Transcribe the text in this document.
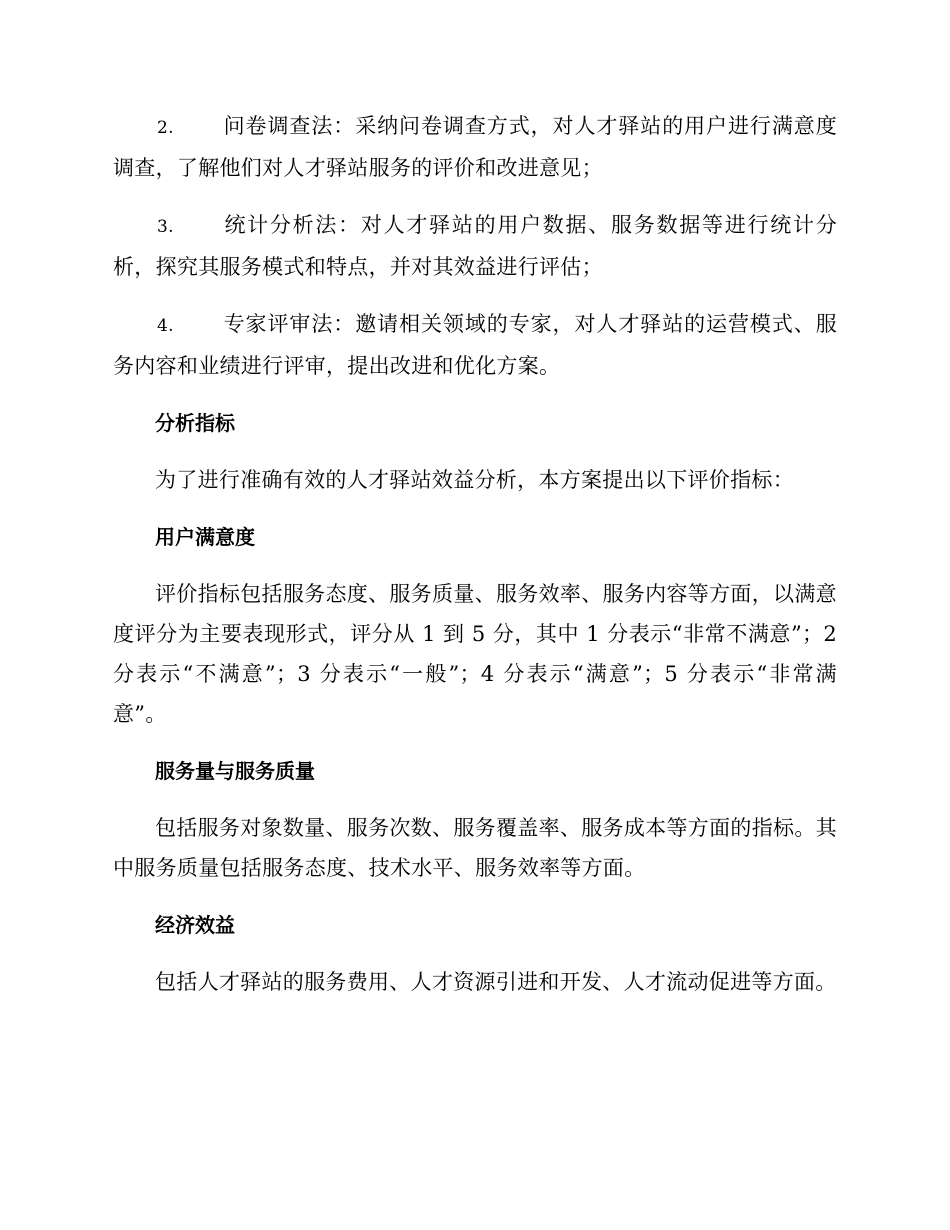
2. 问卷调查法：采纳问卷调查方式，对人才驿站的用户进行满意度调查，了解他们对人才驿站服务的评价和改进意见；

3. 统计分析法：对人才驿站的用户数据、服务数据等进行统计分析，探究其服务模式和特点，并对其效益进行评估；

4. 专家评审法：邀请相关领域的专家，对人才驿站的运营模式、服务内容和业绩进行评审，提出改进和优化方案。

分析指标

为了进行准确有效的人才驿站效益分析，本方案提出以下评价指标：

用户满意度

评价指标包括服务态度、服务质量、服务效率、服务内容等方面，以满意度评分为主要表现形式，评分从 1 到 5 分，其中 1 分表示“非常不满意”；2 分表示“不满意”；3 分表示“一般”；4 分表示“满意”；5 分表示“非常满意”。

服务量与服务质量

包括服务对象数量、服务次数、服务覆盖率、服务成本等方面的指标。其中服务质量包括服务态度、技术水平、服务效率等方面。

经济效益

包括人才驿站的服务费用、人才资源引进和开发、人才流动促进等方面。
